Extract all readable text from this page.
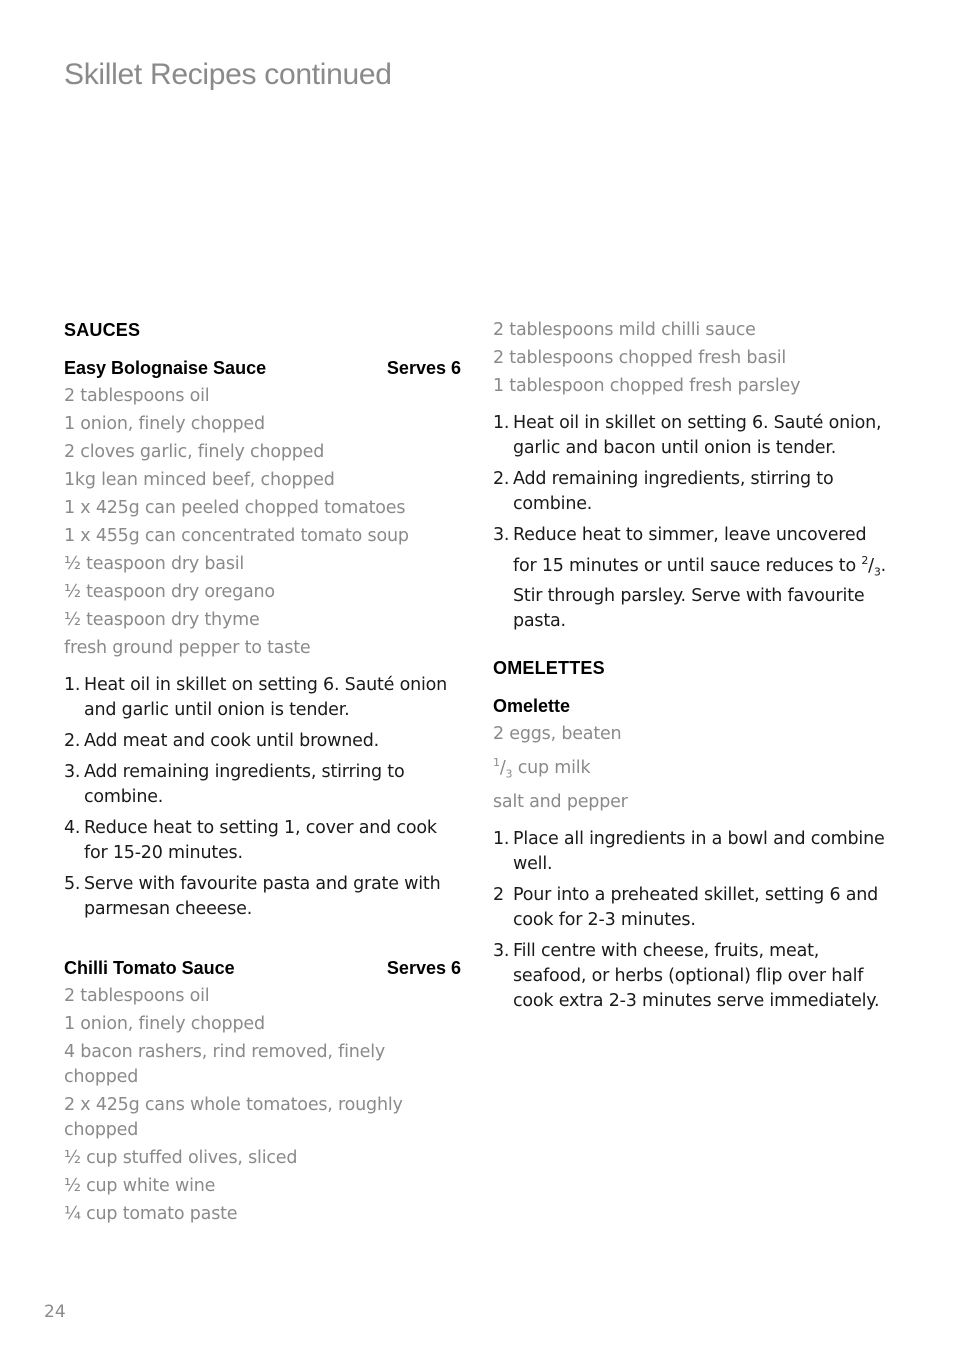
Skillet Recipes continued
SAUCES
Easy Bolognaise Sauce	Serves 6
2 tablespoons oil
1 onion, finely chopped
2 cloves garlic, finely chopped
1kg lean minced beef, chopped
1 x 425g can peeled chopped tomatoes
1 x 455g can concentrated tomato soup
½ teaspoon dry basil
½ teaspoon dry oregano
½ teaspoon dry thyme
fresh ground pepper to taste
1. Heat oil in skillet on setting 6. Sauté onion and garlic until onion is tender.
2. Add meat and cook until browned.
3. Add remaining ingredients, stirring to combine.
4. Reduce heat to setting 1, cover and cook for 15-20 minutes.
5. Serve with favourite pasta and grate with parmesan cheeese.
Chilli Tomato Sauce	Serves 6
2 tablespoons oil
1 onion, finely chopped
4 bacon rashers, rind removed, finely chopped
2 x 425g cans whole tomatoes, roughly chopped
½ cup stuffed olives, sliced
½ cup white wine
¼ cup tomato paste
2 tablespoons mild chilli sauce
2 tablespoons chopped fresh basil
1 tablespoon chopped fresh parsley
1. Heat oil in skillet on setting 6. Sauté onion, garlic and bacon until onion is tender.
2. Add remaining ingredients, stirring to combine.
3. Reduce heat to simmer, leave uncovered for 15 minutes or until sauce reduces to $^2/_3$. Stir through parsley. Serve with favourite pasta.
OMELETTES
Omelette
2 eggs, beaten
$^1/_3$ cup milk
salt and pepper
1. Place all ingredients in a bowl and combine well.
2 Pour into a preheated skillet, setting 6 and cook for 2-3 minutes.
3. Fill centre with cheese, fruits, meat, seafood, or herbs (optional) flip over half cook extra 2-3 minutes serve immediately.
24
